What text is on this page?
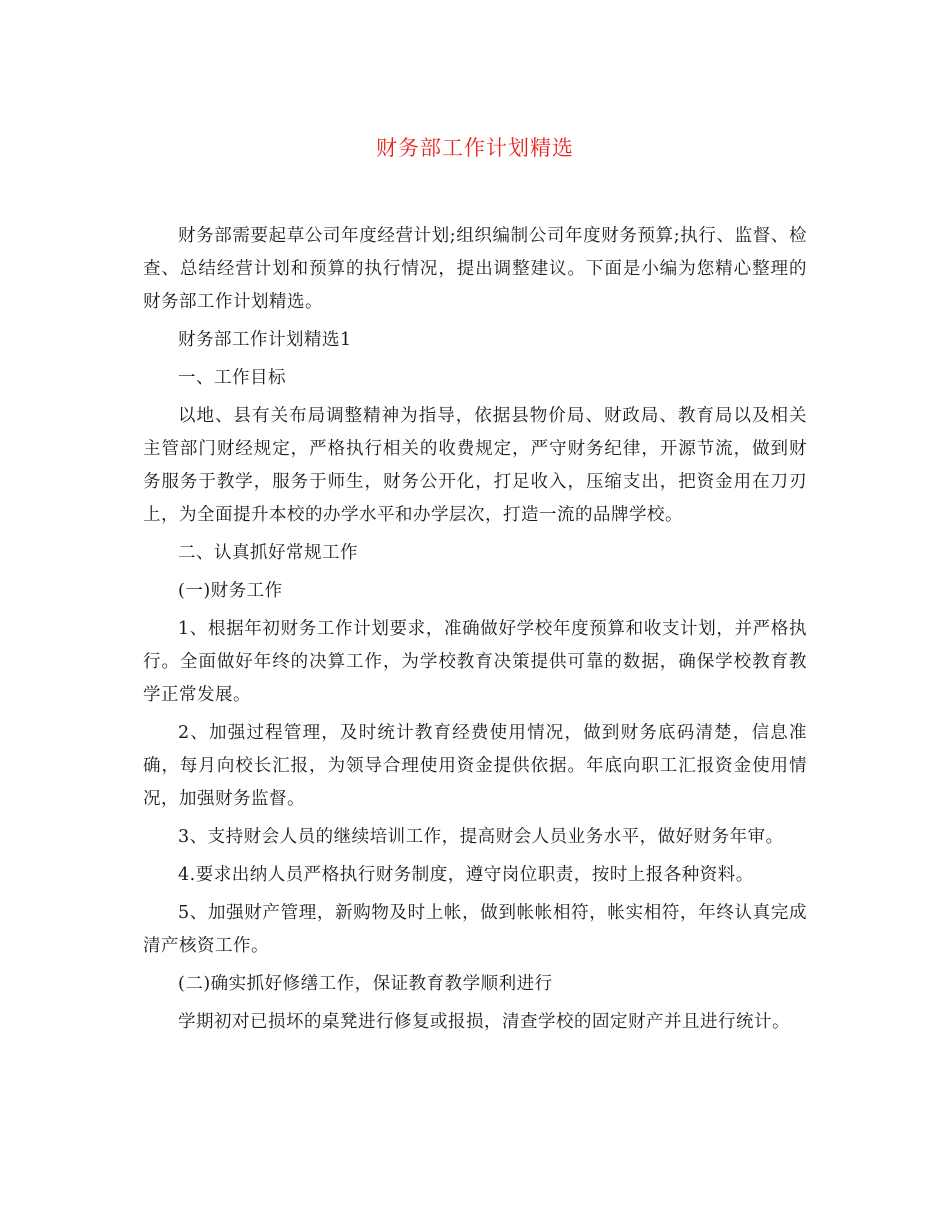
财务部工作计划精选

财务部需要起草公司年度经营计划;组织编制公司年度财务预算;执行、监督、检查、总结经营计划和预算的执行情况，提出调整建议。下面是小编为您精心整理的财务部工作计划精选。

财务部工作计划精选1

一、工作目标

以地、县有关布局调整精神为指导，依据县物价局、财政局、教育局以及相关主管部门财经规定，严格执行相关的收费规定，严守财务纪律，开源节流，做到财务服务于教学，服务于师生，财务公开化，打足收入，压缩支出，把资金用在刀刃上，为全面提升本校的办学水平和办学层次，打造一流的品牌学校。

二、认真抓好常规工作

(一)财务工作

1、根据年初财务工作计划要求，准确做好学校年度预算和收支计划，并严格执行。全面做好年终的决算工作，为学校教育决策提供可靠的数据，确保学校教育教学正常发展。

2、加强过程管理，及时统计教育经费使用情况，做到财务底码清楚，信息准确，每月向校长汇报，为领导合理使用资金提供依据。年底向职工汇报资金使用情况，加强财务监督。

3、支持财会人员的继续培训工作，提高财会人员业务水平，做好财务年审。

4.要求出纳人员严格执行财务制度，遵守岗位职责，按时上报各种资料。

5、加强财产管理，新购物及时上帐，做到帐帐相符，帐实相符，年终认真完成清产核资工作。

(二)确实抓好修缮工作，保证教育教学顺利进行

学期初对已损坏的桌凳进行修复或报损，清查学校的固定财产并且进行统计。
